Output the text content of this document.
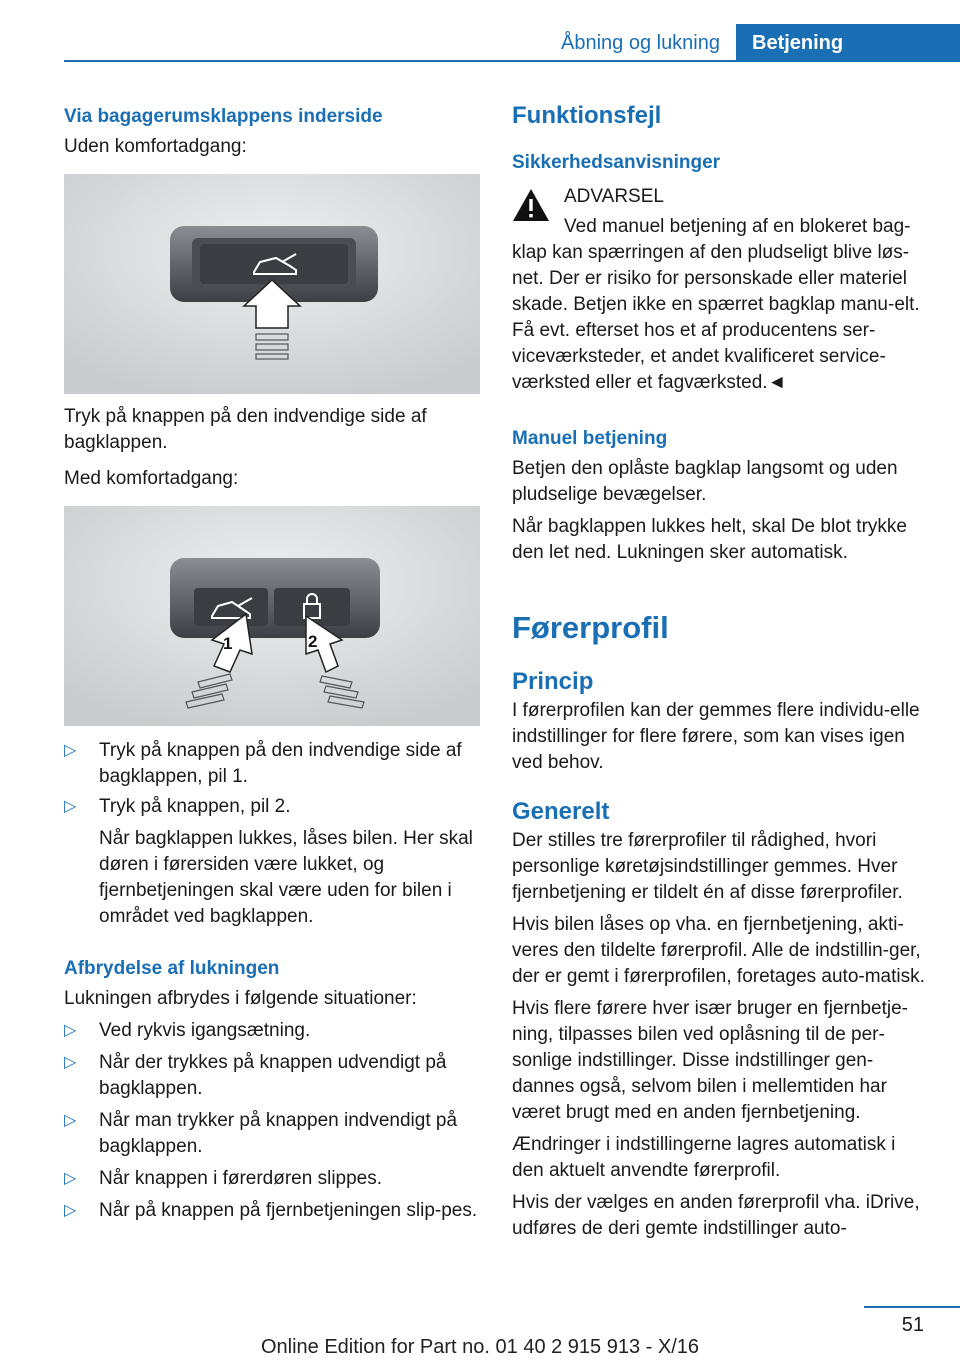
Åbning og lukning	Betjening
Via bagagerumsklappens inderside

Uden komfortadgang:

Tryk på knappen på den indvendige side af bagklappen.

Med komfortadgang:

1	2
▷ Tryk på knappen på den indvendige side af bagklappen, pil 1.
▷ Tryk på knappen, pil 2.
Når bagklappen lukkes, låses bilen. Her skal døren i førersiden være lukket, og fjernbetjeningen skal være uden for bilen i området ved bagklappen.
Afbrydelse af lukningen

Lukningen afbrydes i følgende situationer:

▷ Ved rykvis igangsætning.
▷ Når der trykkes på knappen udvendigt på bagklappen.
▷ Når man trykker på knappen indvendigt på bagklappen.
▷ Når knappen i førerdøren slippes.
▷ Når på knappen på fjernbetjeningen slip-pes.
Funktionsfejl
Sikkerhedsanvisninger

ADVARSEL

Ved manuel betjening af en blokeret bag-klap kan spærringen af den pludseligt blive løs-net. Der er risiko for personskade eller materiel skade. Betjen ikke en spærret bagklap manu-elt. Få evt. efterset hos et af producentens ser-viceværksteder, et andet kvalificeret service-værksted eller et fagværksted.◄

Manuel betjening

Betjen den oplåste bagklap langsomt og uden pludselige bevægelser.

Når bagklappen lukkes helt, skal De blot trykke den let ned. Lukningen sker automatisk.

Førerprofil
Princip

I førerprofilen kan der gemmes flere individu-elle indstillinger for flere førere, som kan vises igen ved behov.

Generelt

Der stilles tre førerprofiler til rådighed, hvori personlige køretøjsindstillinger gemmes. Hver fjernbetjening er tildelt én af disse førerprofiler.

Hvis bilen låses op vha. en fjernbetjening, akti-veres den tildelte førerprofil. Alle de indstillin-ger, der er gemt i førerprofilen, foretages auto-matisk.

Hvis flere førere hver især bruger en fjernbetje-ning, tilpasses bilen ved oplåsning til de per-sonlige indstillinger. Disse indstillinger gen-dannes også, selvom bilen i mellemtiden har været brugt med en anden fjernbetjening.

Ændringer i indstillingerne lagres automatisk i den aktuelt anvendte førerprofil.

Hvis der vælges en anden førerprofil vha. iDrive, udføres de deri gemte indstillinger auto-

51
Online Edition for Part no. 01 40 2 915 913 - X/16
